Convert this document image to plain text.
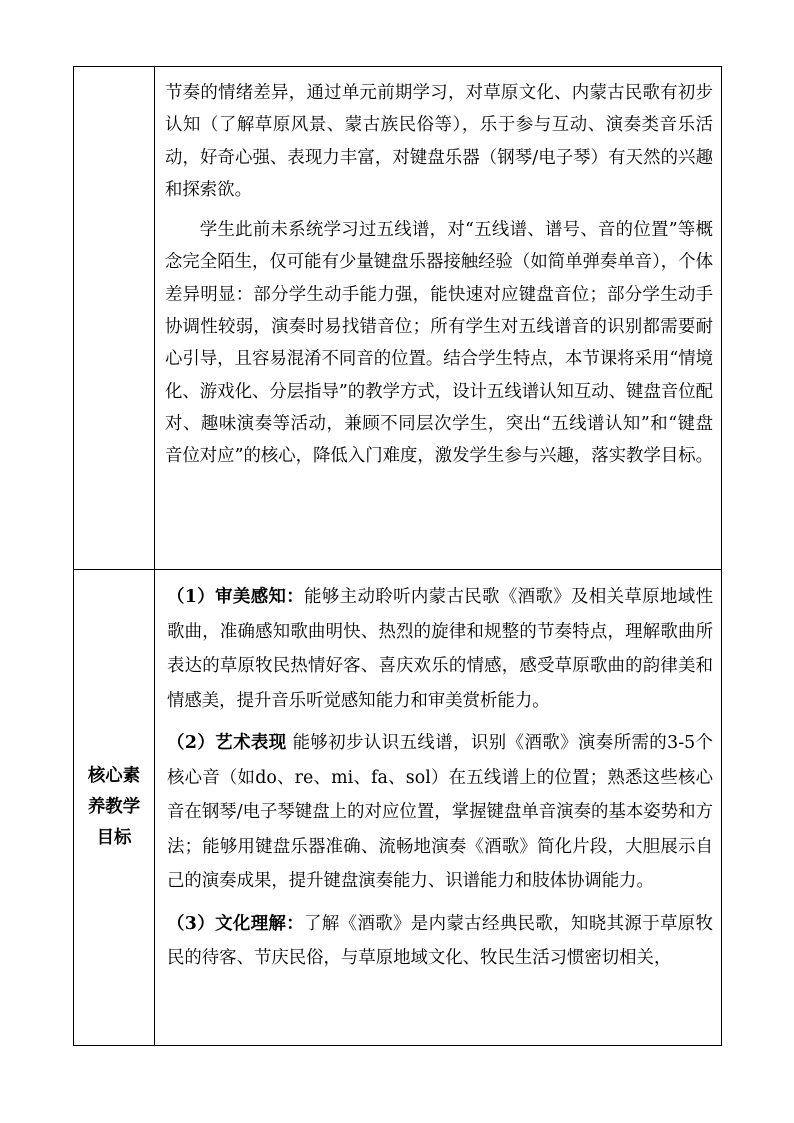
	节奏的情绪差异，通过单元前期学习，对草原文化、内蒙古民歌有初步认知（了解草原风景、蒙古族民俗等），乐于参与互动、演奏类音乐活动，好奇心强、表现力丰富，对键盘乐器（钢琴/电子琴）有天然的兴趣和探索欲。

学生此前未系统学习过五线谱，对“五线谱、谱号、音的位置”等概念完全陌生，仅可能有少量键盘乐器接触经验（如简单弹奏单音），个体差异明显：部分学生动手能力强，能快速对应键盘音位；部分学生动手协调性较弱，演奏时易找错音位；所有学生对五线谱音的识别都需要耐心引导，且容易混淆不同音的位置。结合学生特点，本节课将采用“情境化、游戏化、分层指导”的教学方式，设计五线谱认知互动、键盘音位配对、趣味演奏等活动，兼顾不同层次学生，突出“五线谱认知”和“键盘音位对应”的核心，降低入门难度，激发学生参与兴趣，落实教学目标。

核心素养教学目标	（1）审美感知：能够主动聆听内蒙古民歌《酒歌》及相关草原地域性歌曲，准确感知歌曲明快、热烈的旋律和规整的节奏特点，理解歌曲所表达的草原牧民热情好客、喜庆欢乐的情感，感受草原歌曲的韵律美和情感美，提升音乐听觉感知能力和审美赏析能力。

（2）艺术表现 能够初步认识五线谱，识别《酒歌》演奏所需的3-5个核心音（如do、re、mi、fa、sol）在五线谱上的位置；熟悉这些核心音在钢琴/电子琴键盘上的对应位置，掌握键盘单音演奏的基本姿势和方法；能够用键盘乐器准确、流畅地演奏《酒歌》简化片段，大胆展示自己的演奏成果，提升键盘演奏能力、识谱能力和肢体协调能力。

（3）文化理解：了解《酒歌》是内蒙古经典民歌，知晓其源于草原牧民的待客、节庆民俗，与草原地域文化、牧民生活习惯密切相关，
